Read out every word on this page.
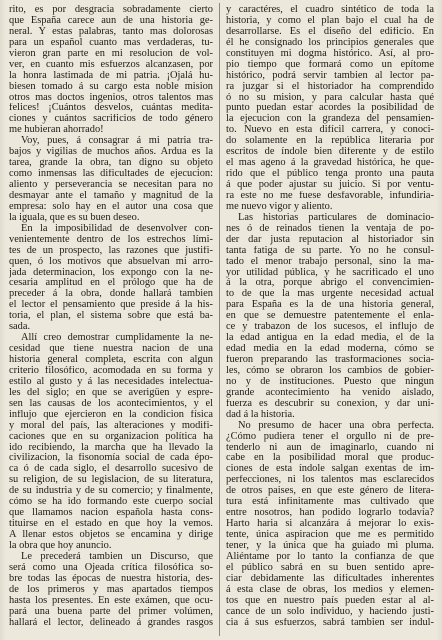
rito, es por desgracia sobradamente cierto
que España carece aun de una historia ge-
neral. Y estas palabras, tanto mas dolorosas
para un español cuanto mas verdaderas, tu-
vieron gran parte en mi resolucion de vol-
ver, en cuanto mis esfuerzos alcanzasen, por
la honra lastimada de mi patria. ¡Ojalá hu-
biesen tomado á su cargo esta noble mision
otros mas doctos ingenios, otros talentos mas
felices! ¡Cuántos desvelos, cuántas medita-
ciones y cuántos sacrificios de todo género
me hubieran ahorrado!
Voy, pues, á consagrar á mi patria tra-
bajos y vigilias de muchos años. Ardua es la
tarea, grande la obra, tan digno su objeto
como inmensas las dificultades de ejecucion:
aliento y perseverancia se necesitan para no
desmayar ante el tamaño y magnitud de la
empresa: solo hay en el autor una cosa que
la iguala, que es su buen deseo.
En la imposibilidad de desenvolver con-
venientemente dentro de los estrechos lími-
tes de un prospecto, las razones que justifi-
quen, ó los motivos que absuelvan mi arro-
jada determinacion, los expongo con la ne-
cesaria amplitud en el prólogo que ha de
preceder á la obra, donde hallará tambien
el lector el pensamiento que preside á la his-
toria, el plan, el sistema sobre que está ba-
sada.
Allí creo demostrar cumplidamente la ne-
cesidad que tiene nuestra nacion de una
historia general completa, escrita con algun
criterio filosófico, acomodada en su forma y
estilo al gusto y á las necesidades intelectua-
les del siglo; en que se averigüen y espre-
sen las causas de los acontecimientos, y el
influjo que ejercieron en la condicion física
y moral del país, las alteraciones y modifi-
caciones que en su organizacion política ha
ido recibiendo, la marcha que ha llevado la
civilizacion, la fisonomía social de cada épo-
ca ó de cada siglo, el desarrollo sucesivo de
su religion, de su legislacion, de su literatura,
de su industria y de su comercio; y finalmente,
cómo se ha ido formando este cuerpo social
que llamamos nacion española hasta cons-
tituirse en el estado en que hoy la vemos.
A llenar estos objetos se encamina y dirige
la obra que hoy anuncio.
Le precederá tambien un Discurso, que
será como una Ojeada crítica filosófica so-
bre todas las épocas de nuestra historia, des-
de los primeros y mas apartados tiempos
hasta los presentes. En este exámen, que ocu-
pará una buena parte del primer volúmen,
hallará el lector, delineado á grandes rasgos
y caractéres, el cuadro sintético de toda la
historia, y como el plan bajo el cual ha de
desarrollarse. Es el diseño del edificio. En
él he consignado los principios generales que
constituyen mi dogma histórico. Así, al pro-
pio tiempo que formará como un epítome
histórico, podrá servir tambien al lector pa-
ra juzgar si el historiador ha comprendido
ó no su mision, y para calcular hasta qué
punto puedan estar acordes la posibilidad de
la ejecucion con la grandeza del pensamien-
to. Nuevo en esta difícil carrera, y conoci-
do solamente en la república literaria por
escritos de índole bien diferente y de estilo
el mas ageno á la gravedad histórica, he que-
rido que el público tenga pronto una pauta
á que poder ajustar su juicio. Si por ventu-
ra este no me fuese desfavorable, infundiria-
me nuevo vigor y aliento.
Las historias particulares de dominacio-
nes ó de reinados tienen la ventaja de po-
der dar justa reputacion al historiador sin
tanta fatiga de su parte. Yo no he consul-
tado el menor trabajo personal, sino la ma-
yor utilidad pública, y he sacrificado el uno
á la otra, porque abrigo el convencimien-
to de que la mas urgente necesidad actual
para España es la de una historia general,
en que se demuestre patentemente el enla-
ce y trabazon de los sucesos, el influjo de
la edad antigua en la edad media, el de la
edad media en la edad moderna, cómo se
fueron preparando las trasformaciones socia-
les, cómo se obraron los cambios de gobier-
no y de instituciones. Puesto que ningun
grande acontecimiento ha venido aislado,
fuerza es descubrir su conexion, y dar uni-
dad á la historia.
No presumo de hacer una obra perfecta.
¿Cómo pudiera tener el orgullo ni de pre-
tenderlo ni aun de imaginarlo, cuando ni
cabe en la posibilidad moral que produc-
ciones de esta índole salgan exentas de im-
perfecciones, ni los talentos mas esclarecidos
de otros paises, en que este género de litera-
tura está infinitamente mas cultivado que
entre nosotros, han podido lograrlo todavía?
Harto haria si alcanzára á mejorar lo exis-
tente, única aspiracion que me es permitido
tener, y la única que ha guiado mi pluma.
Aliéntame por lo tanto la confianza de que
el público sabrá en su buen sentido apre-
ciar debidamente las dificultades inherentes
á esta clase de obras, los medios y elemen-
tos que en nuestro país pueden estar al al-
cance de un solo individuo, y haciendo justi-
cia á sus esfuerzos, sabrá tambien ser indul-
